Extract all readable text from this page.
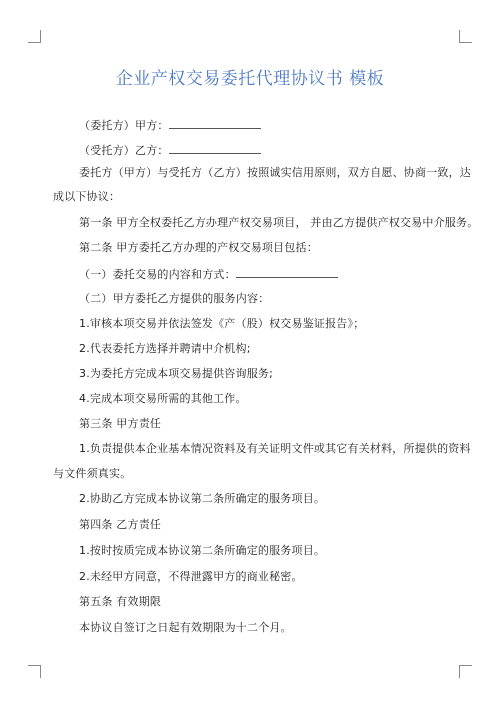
企业产权交易委托代理协议书 模板
（委托方）甲方：
（受托方）乙方：
委托方（甲方）与受托方（乙方）按照诚实信用原则，双方自愿、协商一致，达
成以下协议：
第一条 甲方全权委托乙方办理产权交易项目， 并由乙方提供产权交易中介服务。
第二条 甲方委托乙方办理的产权交易项目包括：
（一）委托交易的内容和方式：
（二）甲方委托乙方提供的服务内容：
1.审核本项交易并依法签发《产（股）权交易鉴证报告》；
2.代表委托方选择并聘请中介机构;
3.为委托方完成本项交易提供咨询服务;
4.完成本项交易所需的其他工作。
第三条 甲方责任
1.负责提供本企业基本情况资料及有关证明文件或其它有关材料，所提供的资料
与文件须真实。
2.协助乙方完成本协议第二条所确定的服务项目。
第四条 乙方责任
1.按时按质完成本协议第二条所确定的服务项目。
2.未经甲方同意，不得泄露甲方的商业秘密。
第五条 有效期限
本协议自签订之日起有效期限为十二个月。
